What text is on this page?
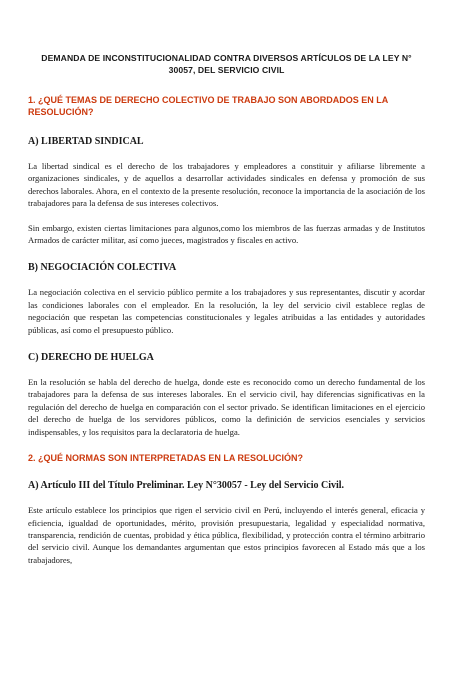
DEMANDA DE INCONSTITUCIONALIDAD CONTRA DIVERSOS ARTÍCULOS DE LA LEY N° 30057, DEL SERVICIO CIVIL

1. ¿QUÉ TEMAS DE DERECHO COLECTIVO DE TRABAJO SON ABORDADOS EN LA RESOLUCIÓN?

A) LIBERTAD SINDICAL

La libertad sindical es el derecho de los trabajadores y empleadores a constituir y afiliarse libremente a organizaciones sindicales, y de aquellos a desarrollar actividades sindicales en defensa y promoción de sus derechos laborales. Ahora, en el contexto de la presente resolución, reconoce la importancia de la asociación de los trabajadores para la defensa de sus intereses colectivos.

Sin embargo, existen ciertas limitaciones para algunos,como los miembros de las fuerzas armadas y de Institutos Armados de carácter militar, así como jueces, magistrados y fiscales en activo.

B) NEGOCIACIÓN COLECTIVA

La negociación colectiva en el servicio público permite a los trabajadores y sus representantes, discutir y acordar las condiciones laborales con el empleador. En la resolución, la ley del servicio civil establece reglas de negociación que respetan las competencias constitucionales y legales atribuidas a las entidades y autoridades públicas, así como el presupuesto público.

C) DERECHO DE HUELGA

En la resolución se habla del derecho de huelga, donde este es reconocido como un derecho fundamental de los trabajadores para la defensa de sus intereses laborales. En el servicio civil, hay diferencias significativas en la regulación del derecho de huelga en comparación con el sector privado. Se identifican limitaciones en el ejercicio del derecho de huelga de los servidores públicos, como la definición de servicios esenciales y servicios indispensables, y los requisitos para la declaratoria de huelga.

2. ¿QUÉ NORMAS SON INTERPRETADAS EN LA RESOLUCIÓN?

A) Artículo III del Título Preliminar. Ley N°30057 - Ley del Servicio Civil.

Este artículo establece los principios que rigen el servicio civil en Perú, incluyendo el interés general, eficacia y eficiencia, igualdad de oportunidades, mérito, provisión presupuestaria, legalidad y especialidad normativa, transparencia, rendición de cuentas, probidad y ética pública, flexibilidad, y protección contra el término arbitrario del servicio civil. Aunque los demandantes argumentan que estos principios favorecen al Estado más que a los trabajadores,
